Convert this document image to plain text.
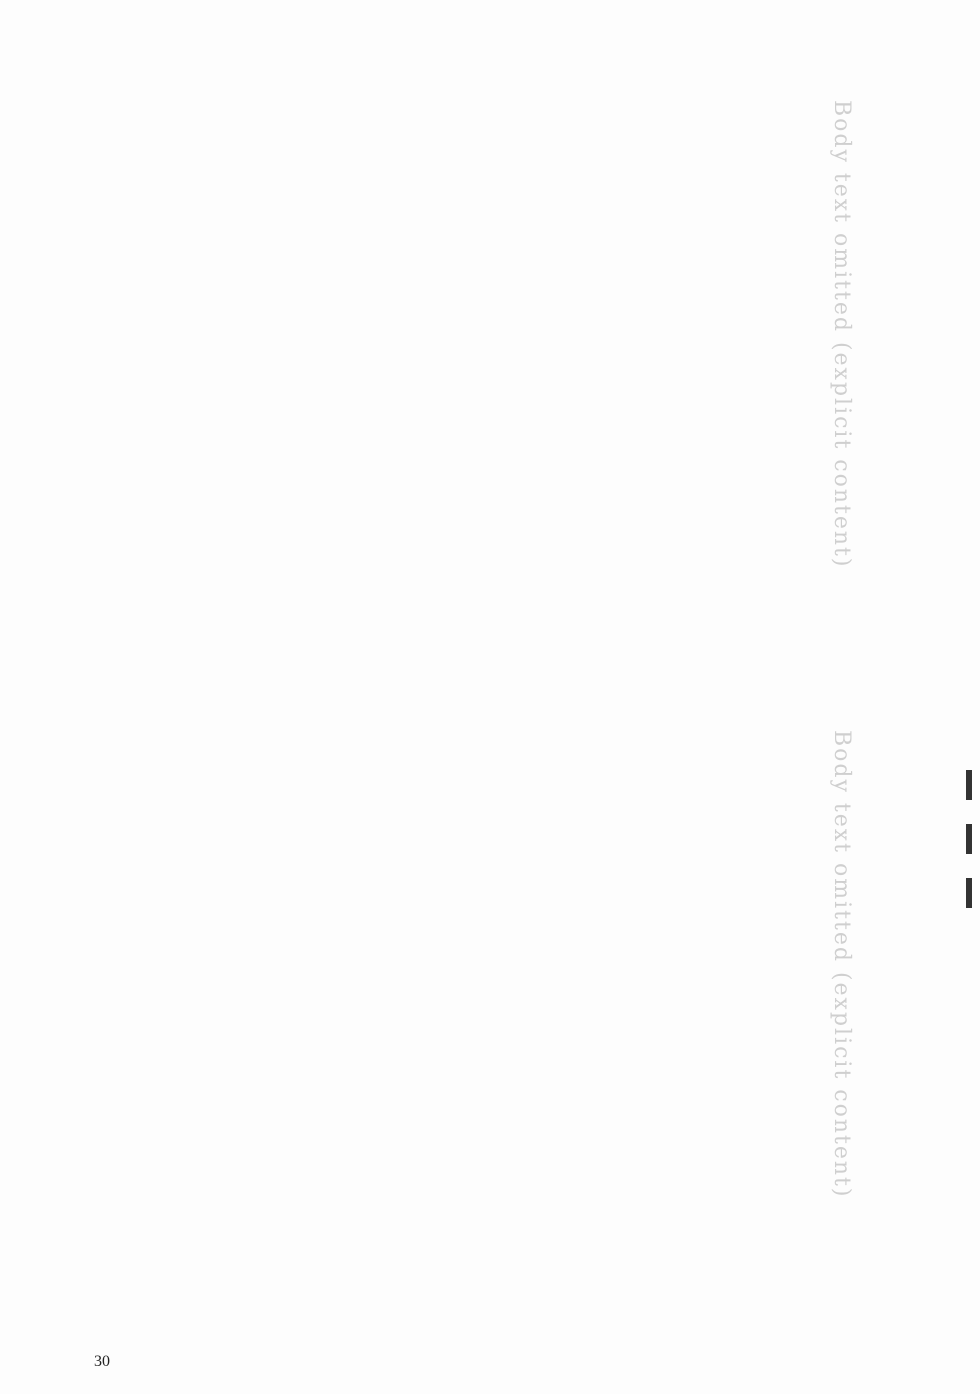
Body text omitted (explicit content)
Body text omitted (explicit content)
30
